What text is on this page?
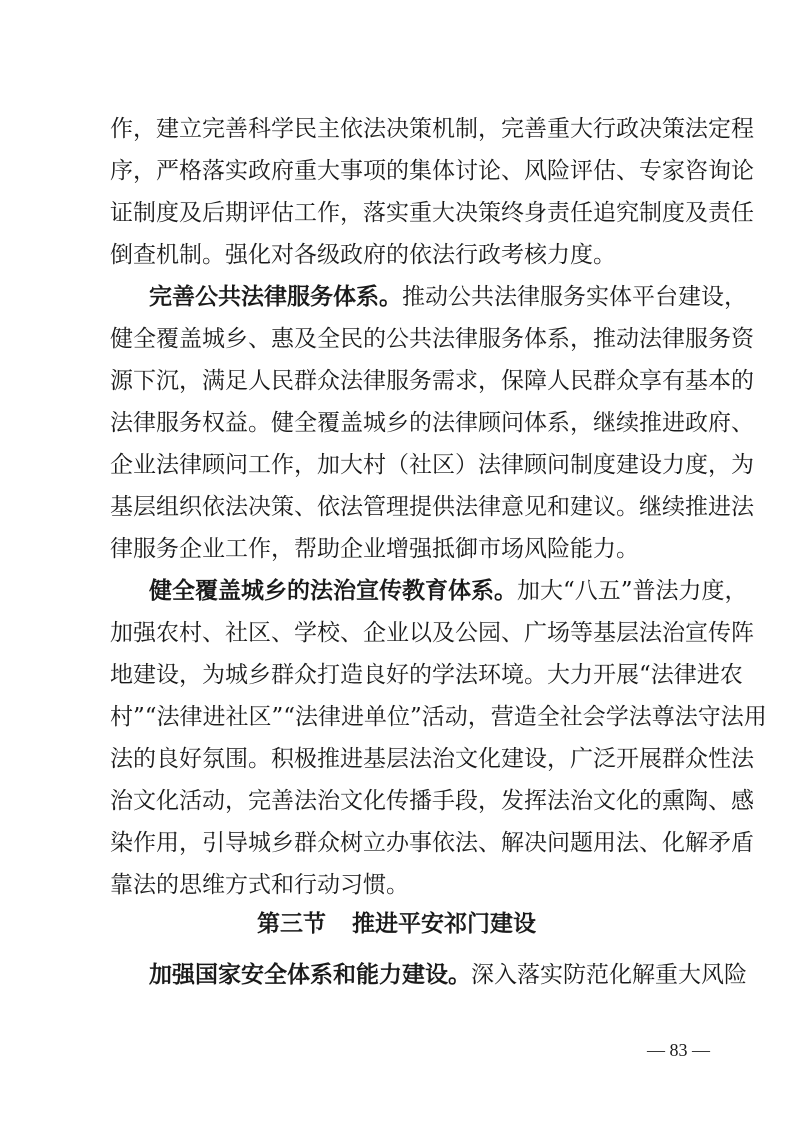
作，建立完善科学民主依法决策机制，完善重大行政决策法定程
序，严格落实政府重大事项的集体讨论、风险评估、专家咨询论
证制度及后期评估工作，落实重大决策终身责任追究制度及责任
倒查机制。强化对各级政府的依法行政考核力度。
完善公共法律服务体系。推动公共法律服务实体平台建设，
健全覆盖城乡、惠及全民的公共法律服务体系，推动法律服务资
源下沉，满足人民群众法律服务需求，保障人民群众享有基本的
法律服务权益。健全覆盖城乡的法律顾问体系，继续推进政府、
企业法律顾问工作，加大村（社区）法律顾问制度建设力度，为
基层组织依法决策、依法管理提供法律意见和建议。继续推进法
律服务企业工作，帮助企业增强抵御市场风险能力。
健全覆盖城乡的法治宣传教育体系。加大“八五”普法力度，
加强农村、社区、学校、企业以及公园、广场等基层法治宣传阵
地建设，为城乡群众打造良好的学法环境。大力开展“法律进农
村”“法律进社区”“法律进单位”活动，营造全社会学法尊法守法用
法的良好氛围。积极推进基层法治文化建设，广泛开展群众性法
治文化活动，完善法治文化传播手段，发挥法治文化的熏陶、感
染作用，引导城乡群众树立办事依法、解决问题用法、化解矛盾
靠法的思维方式和行动习惯。
第三节 推进平安祁门建设
加强国家安全体系和能力建设。深入落实防范化解重大风险
— 83 —
